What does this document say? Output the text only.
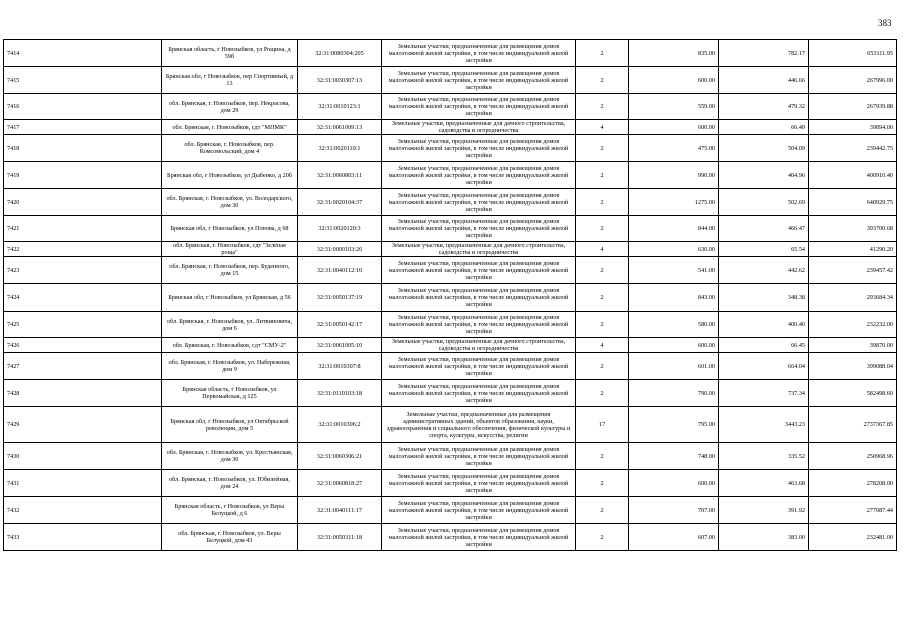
383
7414	Брянская область, г Новозыбков, ул Рощина, д 59б	32:31:0080304:205	Земельные участки, предназначенные для размещения домов малоэтажной жилой застройки, в том числе индивидуальной жилой застройки	2	835.00	782.17	653111.95
7415	Брянская обл, г Новозыбков, пер Спортивный, д 13	32:31:0030307:13	Земельные участки, предназначенные для размещения домов малоэтажной жилой застройки, в том числе индивидуальной жилой застройки	2	600.00	446.66	267996.00
7416	обл. Брянская, г. Новозыбков, пер. Некрасова, дом 29	32:31:0010123:1	Земельные участки, предназначенные для размещения домов малоэтажной жилой застройки, в том числе индивидуальной жилой застройки	2	559.00	479.32	267939.88
7417	обл. Брянская, г. Новозыбков, сдт "МПМК"	32:31:0061009:13	Земельные участки, предназначенные для дачного строительства, садоводства и огородничества	4	600.00	66.49	39894.00
7418	обл. Брянская, г. Новозыбков, пер. Комсомольский, дом 4	32:31:0020110:1	Земельные участки, предназначенные для размещения домов малоэтажной жилой застройки, в том числе индивидуальной жилой застройки	2	475.00	504.09	239442.75
7419	Брянская обл, г Новозыбков, ул Дыбенко, д 20б	32:31:0060803:11	Земельные участки, предназначенные для размещения домов малоэтажной жилой застройки, в том числе индивидуальной жилой застройки	2	990.00	404.96	400910.40
7420	обл. Брянская, г. Новозыбков, ул. Володарского, дом 30	32:31:0020104:37	Земельные участки, предназначенные для размещения домов малоэтажной жилой застройки, в том числе индивидуальной жилой застройки	2	1275.00	502.69	640929.75
7421	Брянская обл, г Новозыбков, ул Попова, д 68	32:31:0020120:3	Земельные участки, предназначенные для размещения домов малоэтажной жилой застройки, в том числе индивидуальной жилой застройки	2	844.00	466.47	393700.68
7422	обл. Брянская, г. Новозыбков, сдт "Зелёная роща"	32:31:0000103:26	Земельные участки, предназначенные для дачного строительства, садоводства и огородничества	4	630.00	65.54	41290.20
7423	обл. Брянская, г. Новозыбков, пер. Буденного, дом 15	32:31:0040112:10	Земельные участки, предназначенные для размещения домов малоэтажной жилой застройки, в том числе индивидуальной жилой застройки	2	541.00	442.62	239457.42
7424	Брянская обл, г Новозыбков, ул Брянская, д 56	32:31:0050137:19	Земельные участки, предназначенные для размещения домов малоэтажной жилой застройки, в том числе индивидуальной жилой застройки	2	843.00	348.38	293684.34
7425	обл. Брянская, г. Новозыбков, ул. Литвиновича, дом 6	32:31:0050142:17	Земельные участки, предназначенные для размещения домов малоэтажной жилой застройки, в том числе индивидуальной жилой застройки	2	580.00	400.40	232232.00
7426	обл. Брянская, г. Новозыбков, сдт "СМУ-2"	32:31:0061005:10	Земельные участки, предназначенные для дачного строительства, садоводства и огородничества	4	600.00	66.45	39870.00
7427	обл. Брянская, г. Новозыбков, ул. Набережная, дом 9	32:31:0010307:8	Земельные участки, предназначенные для размещения домов малоэтажной жилой застройки, в том числе индивидуальной жилой застройки	2	601.00	664.04	399088.04
7428	Брянская область, г Новозыбков, ул Первомайская, д 125	32:31:0110103:18	Земельные участки, предназначенные для размещения домов малоэтажной жилой застройки, в том числе индивидуальной жилой застройки	2	790.00	737.34	582498.60
7429	Брянская обл, г Новозыбков, ул Октябрьской революции, дом 5	32:31:0010306:2	Земельные участки, предназначенные для размещения административных зданий, объектов образования, науки, здравоохранения и социального обеспечения, физической культуры и спорта, культуры, искусства, религии	17	795.00	3443.23	2737367.85
7430	обл. Брянская, г. Новозыбков, ул. Крестьянская, дом 30	32:31:0060306:21	Земельные участки, предназначенные для размещения домов малоэтажной жилой застройки, в том числе индивидуальной жилой застройки	2	748.00	335.52	250968.96
7431	обл. Брянская, г. Новозыбков, ул. Юбилейная, дом 24	32:31:0060818:27	Земельные участки, предназначенные для размещения домов малоэтажной жилой застройки, в том числе индивидуальной жилой застройки	2	600.00	463.68	278208.00
7432	Брянская область, г Новозыбков, ул Веры Белуцкой, д 6	32:31:0040111:17	Земельные участки, предназначенные для размещения домов малоэтажной жилой застройки, в том числе индивидуальной жилой застройки	2	707.00	391.92	277087.44
7433	обл. Брянская, г. Новозыбков, ул. Веры Белуцкой, дом 43	32:31:0050311:18	Земельные участки, предназначенные для размещения домов малоэтажной жилой застройки, в том числе индивидуальной жилой застройки	2	607.00	383.00	232481.00
